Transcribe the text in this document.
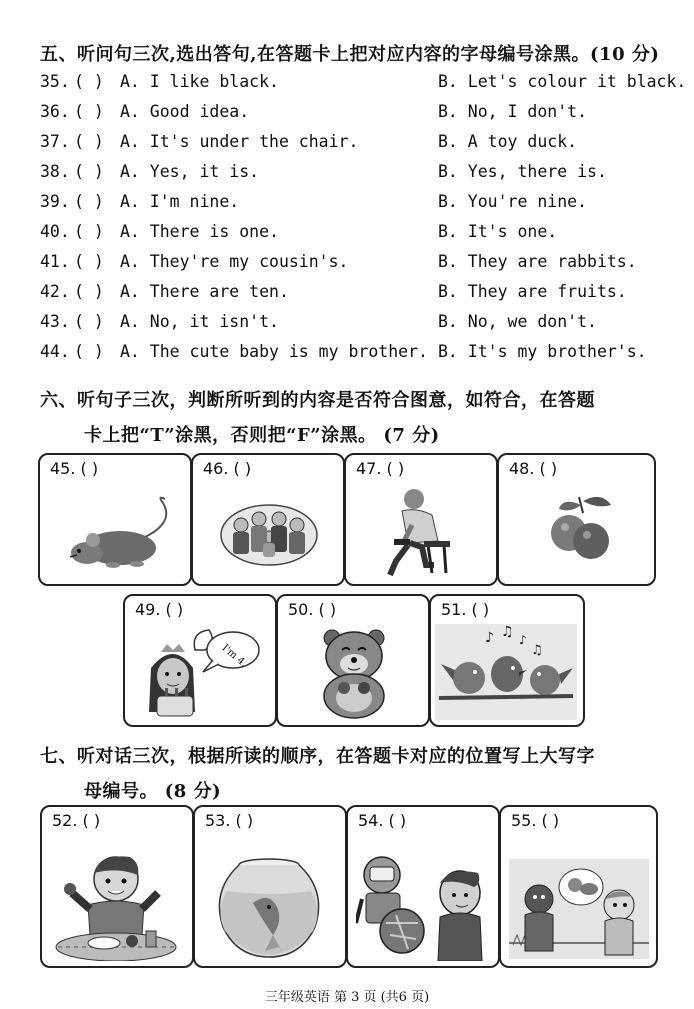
五、听问句三次,选出答句,在答题卡上把对应内容的字母编号涂黑。(10 分)
35. ( ) A. I like black.	B. Let's colour it black.
36. ( ) A. Good idea.	B. No, I don't.
37. ( ) A. It's under the chair.	B. A toy duck.
38. ( ) A. Yes, it is.	B. Yes, there is.
39. ( ) A. I'm nine.	B. You're nine.
40. ( ) A. There is one.	B. It's one.
41. ( ) A. They're my cousin's.	B. They are rabbits.
42. ( ) A. There are ten.	B. They are fruits.
43. ( ) A. No, it isn't.	B. No, we don't.
44. ( ) A. The cute baby is my brother. B. It's my brother's.
六、听句子三次，判断所听到的内容是否符合图意，如符合，在答题
卡上把“T”涂黑，否则把“F”涂黑。 (7 分)
45. ( )	46. ( )	47. ( )	48. ( )
49. ( )
I'm 4.
50. ( )	51. ( )
♪ ♫ ♪
♫
七、听对话三次，根据所读的顺序，在答题卡对应的位置写上大写字
母编号。 (8 分)
52. ( )	53. ( )	54. ( )	55. ( )
三年级英语 第 3 页 (共6 页)
